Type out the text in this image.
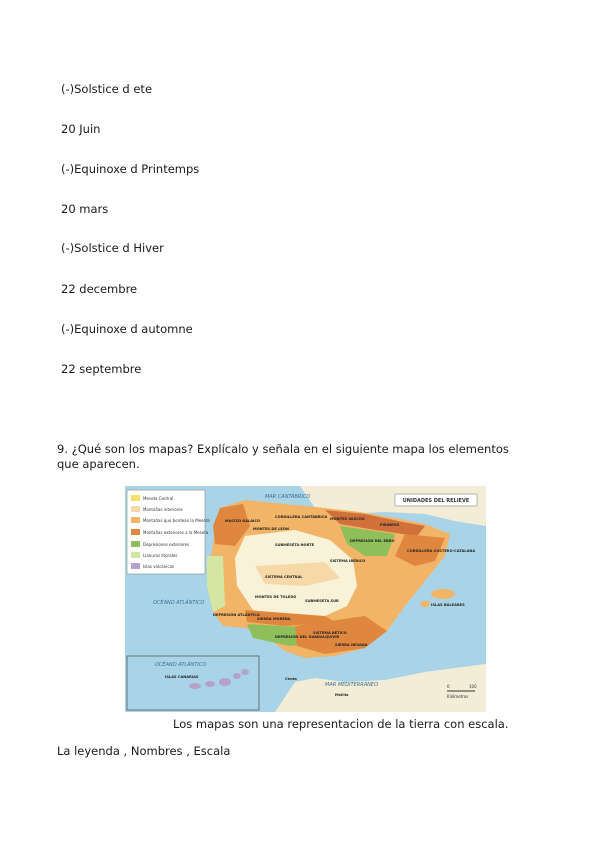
(-)Solstice d ete
20 Juin
(-)Equinoxe d Printemps
20 mars
(-)Solstice d Hiver
22 decembre
(-)Equinoxe d automne
22 septembre
9. ¿Qué son los mapas? Explícalo y señala en el siguiente mapa los elementos que aparecen.
Meseta Central
Montañas interiores
Montañas que bordean la Meseta
Montañas exteriores a la Meseta
Depresiones exteriores
Llanuras litorales
Islas volcánicas
UNIDADES DEL RELIEVE
MAR CANTÁBRICO
OCÉANO ATLÁNTICO
MAR MEDITERRÁNEO
OCÉANO ATLÁNTICO
MACIZO GALAICO
CORDILLERA CANTÁBRICA
MONTES DE LEÓN
MONTES VASCOS
PIRINEOS
DEPRESIÓN DEL EBRO
SISTEMA IBÉRICO
CORDILLERA COSTERO-CATALANA
SUBMESETA NORTE
SISTEMA CENTRAL
MONTES DE TOLEDO
SUBMESETA SUR
SIERRA MORENA
DEPRESIÓN DEL GUADALQUIVIR
SISTEMA BÉTICO
SIERRA NEVADA
DEPRESIÓN ATLÁNTICA
ISLAS BALEARES
ISLAS CANARIAS	Ceuta
Melilla
0	100
Kilómetros
Los mapas son una representacion de la tierra con escala.
La leyenda , Nombres , Escala
